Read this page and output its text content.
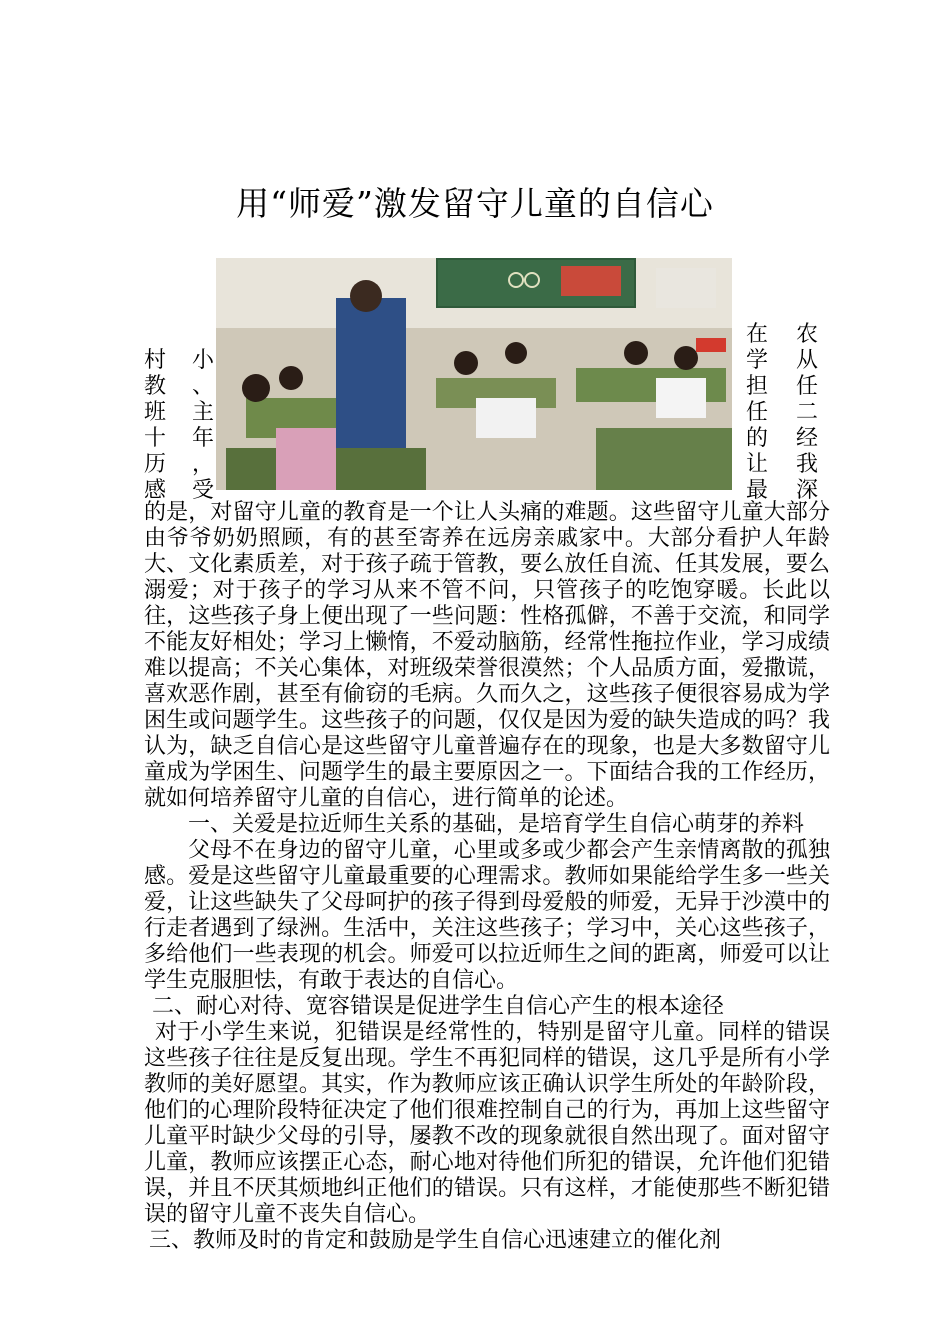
用“师爱”激发留守儿童的自信心
在 农
学 从
担 任
任 二
的 经
让 我
最 深
村 小
教 、
班 主
十 年
历 ，
感 受

的是，对留守儿童的教育是一个让人头痛的难题。这些留守儿童大部分由爷爷奶奶照顾，有的甚至寄养在远房亲戚家中。大部分看护人年龄大、文化素质差，对于孩子疏于管教，要么放任自流、任其发展，要么溺爱；对于孩子的学习从来不管不问，只管孩子的吃饱穿暖。长此以往，这些孩子身上便出现了一些问题：性格孤僻，不善于交流，和同学不能友好相处；学习上懒惰，不爱动脑筋，经常性拖拉作业，学习成绩难以提高；不关心集体，对班级荣誉很漠然；个人品质方面，爱撒谎，喜欢恶作剧，甚至有偷窃的毛病。久而久之，这些孩子便很容易成为学困生或问题学生。这些孩子的问题，仅仅是因为爱的缺失造成的吗？我认为，缺乏自信心是这些留守儿童普遍存在的现象，也是大多数留守儿童成为学困生、问题学生的最主要原因之一。下面结合我的工作经历，就如何培养留守儿童的自信心，进行简单的论述。

一、关爱是拉近师生关系的基础，是培育学生自信心萌芽的养料

父母不在身边的留守儿童，心里或多或少都会产生亲情离散的孤独感。爱是这些留守儿童最重要的心理需求。教师如果能给学生多一些关爱，让这些缺失了父母呵护的孩子得到母爱般的师爱，无异于沙漠中的行走者遇到了绿洲。生活中，关注这些孩子；学习中，关心这些孩子，多给他们一些表现的机会。师爱可以拉近师生之间的距离，师爱可以让学生克服胆怯，有敢于表达的自信心。

二、耐心对待、宽容错误是促进学生自信心产生的根本途径

对于小学生来说，犯错误是经常性的，特别是留守儿童。同样的错误这些孩子往往是反复出现。学生不再犯同样的错误，这几乎是所有小学教师的美好愿望。其实，作为教师应该正确认识学生所处的年龄阶段，他们的心理阶段特征决定了他们很难控制自己的行为，再加上这些留守儿童平时缺少父母的引导，屡教不改的现象就很自然出现了。面对留守儿童，教师应该摆正心态，耐心地对待他们所犯的错误，允许他们犯错误，并且不厌其烦地纠正他们的错误。只有这样，才能使那些不断犯错误的留守儿童不丧失自信心。

三、教师及时的肯定和鼓励是学生自信心迅速建立的催化剂
